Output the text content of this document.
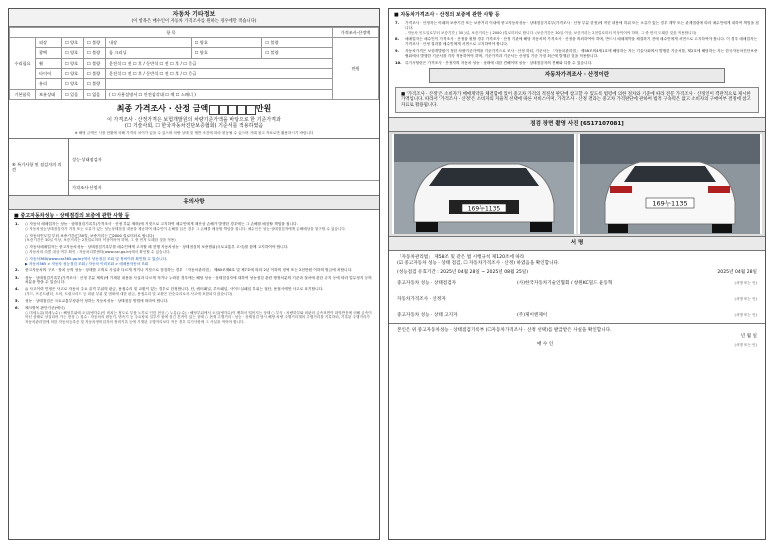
자동차 기타정보
(이 항목은 매수인이 자동차 가격조사를 원하는 경우에만 적습니다)
항 목							가격조사·산정액
수리필요	외장	☐ 양호	☐ 불량	내장	☐ 양호	☐ 불량	만원
	광택	☐ 양호	☐ 불량	룸 크리닝	☐ 양호	☐ 불량	
	휠	☐ 양호	☐ 불량	운전석 ☐ 전 ☐ 후 / 동반석 ☐ 전 ☐ 후 / ☐ 응급			
	타이어	☐ 양호	☐ 불량	운전석 ☐ 전 ☐ 후 / 동반석 ☐ 전 ☐ 후 / ☐ 응급			
	유리	☐ 양호	☐ 불량				
기본품목	보유상태	☐ 있음	☐ 없음	( ☐ 사용설명서 ☐ 안전삼각대 ☐ 잭 ☐ 스패너 )			
최종 가격조사 · 산정 금액	만원
이 가격조사 · 산정가격은 보험개발원의 차량기준가액을 바탕으로 한 기준가격과
(☐ 기술사회, ☐ 한국자동차진단보증협회) 기준서를 적용하였음
※ 해당 금액은 시장 현황에 의해 가격의 차이가 있을 수 있으며 차량 상태 및 제반 조건에 따라 변동될 수 있으며 거래 참고 자료로만 활용하시기 바랍니다
⑥ 특기사항 및 점검자의 의견
성능·상태점검자
가격조사·산정자
유의사항
■ 중고자동차성능 · 상태점검의 보증에 관한 사항 등
1.	○ 자동차 매매업자는 성능 · 상태점검기록부(가격조사 · 산정 부분 제외)에 거짓으로 고지하여 매수인에게 재산상 손해가 발생한 경우에는 그 손해를 배상할 책임을 집니다.
○ 자동차성능상태점검자가 거짓 또는 오류가 있는 성능상태점검 내용을 제공하여 매수인이 손해를 입은 경우 그 손해를 배상할 책임을 집니다. 매수인은 성능·상태점검자에게 손해배상을 청구할 수 있습니다.
○ 자동차인도일 부터 보증기간(□30일, 보증거리는 □2000 킬로미터로 합니다)
(보증기간은 30일 이상, 보증거리는 2천킬로미터 이상이어야 하며, 그 중 먼저 도래한 것을 적용)
○ 자동차매매업자는 중고자동차성능 · 상태점검기록부를 매수인에게 고지할 때 현행 자동차성능 · 상태점검의 보증범위(국토교통부 고시)를 함께 고지하여야 합니다.
○ 자동차의 리콜 대상 여부 확인 : 자동차리콜센터(www.car.go.kr)에서 확인할 수 있습니다.
○ 자동차365(www.car365.go.kr)에서 성능점검 조회 및 정비이력 확인할 수 있습니다.
▶ 자동차365 > 자동차 성능점검 조회 / 자동차 이력조회 > 매매용자동차 조회
2.	중고자동차의 구조 · 장치 등의 성능 · 상태를 고의로 사실과 다르게 적거나 거짓으로 점검하는 경우 「자동차관리법」 제80조제6호 및 제7호에 따라 2년 이하의 징역 또는 2천만원 이하의 벌금에 처합니다.
3.	성능 · 상태점검기록부(가격조사 · 산정 부분 제외)에 기재된 내용을 사실과 다르게 적거나 누락한 경우에는 해당 성능 · 상태점검자에 대하여 성능점검 관련 행정처분의 기준과 절차에 관한 규칙 등에 따라 업무정지 등의 처분을 받을 수 있습니다.
4.	◎ 사고이력 인정은 사고로 자동차 주요 골격 부위의 판금, 용접수리 및 교환이 있는 경우로 한정합니다. 단, 쿼터패널, 루프패널, 사이드실패널 부위는 절단, 용접시에만 사고로 표기합니다.
(후드, 프론트펜더, 도어, 트렁크리드 등 외판 부위 및 범퍼에 대한 판금, 용접수리 및 교환은 단순수리로서 사고에 포함되지 않습니다)
5.	성능 · 상태점검은 국토교통부장관이 정하는 자동차성능 · 상태점검 방법에 따라야 합니다.
6.	체크항목 판단기준(예시)
○ 미세누유(미세누수) : 해당부위에 오일(냉각수)이 비치는 정도로 부품 노후로 인한 현상 ○ 누유(누수) : 해당부위에서 오일(냉각수)이 맺혀서 떨어지는 상태 ○ 부식 : 차량하부와 외판의 금속표면이 화학반응에 의해 금속이 아닌 상태로 상실되어 가는 현상 ○ 침수 : 자동차의 원동기, 변속기 등 주요장치 일부가 물에 잠긴 흔적이 있는 상태 ○ 현재 주행거리 : 성능 · 상태점검 당시 해당 차량 주행거리계의 주행거리를 기록하되, 기록된 주행거리가 자동차관리법에 의한 자동차등록증 및 자동차정비업자의 정비기록 등에 기재된 주행거리보다 적은 경우 특기사항에 그 사실을 적어야 합니다.
■ 자동차가격조사 · 산정의 보증에 관한 사항 등
7.	가격조사 · 산정자는 아래의 보증기간 또는 보증거리 이내에 중고자동차성능 · 상태점검기록부(가격조사 · 산정 부분 한정)에 적힌 내용에 허위 또는 오류가 있는 경우 계약 또는 관계법령에 따라 매수인에게 대하여 책임을 집니다.
- 자동차 인도일로부터 보증기간 ( 30 )일, 보증거리는 ( 2000 )킬로미터로 합니다. (보증기간은 30일 이상, 보증거리는 2천킬로미터 이상이어야 하며, 그 중 먼저 도래한 것을 적용합니다)
8.	매매업자는 매수인이 가격조사 · 산정을 원할 경우 가격조사 · 산정 기관에 해당 자동차의 가격조사 · 산정을 의뢰하여야 하며, 반드시 매매계약을 체결하기 전에 매수인에게 서면으로 고지하여야 합니다. 이 경우 매매업자는 가격조사 · 산정 결과를 매수인에게 서면으로 고지하여야 합니다.
9.	자동차가격은 보험개발원이 정한 차량기준가액을 기준가격으로 조사 · 산정 하되, 기준서는 「자동차관리법」 제58조의4제1호에 해당하는 자는 기술사회에서 발행한 기준서를, 제2호에 해당하는 자는 한국자동차진단보증협회에서 발행한 기준서를 각각 적용하여야 하며, 기준가격과 기준서는 산정일 기준 가장 최근에 발행된 것을 적용합니다.
10. 특기사항란은 가격조사 · 산정자의 자동차 성능 · 상태에 대한 견해이며 성능 · 상태점검자의 견해와 다를 수 있습니다.
자동차가격조사 · 산정이란
■ '가격조사 · 산정'은 소비자가 매매계약을 체결함에 있어 중고차 가격의 적절성 판단에 참고할 수 있도록 법령에 의한 절차와 기준에 따라 전문 가격조사 · 산정인이 객관적으로 제시한 가액입니다. 따라서 '가격조사 · 산정'은 소비자의 자율적 선택에 따른 서비스이며, 가격조사 · 산정 결과는 중고차 가격판단에 관하여 법적 구속력은 없고 소비자의 구매여부 결정에 참고자료로 활용됩니다.
점검 장면 촬영 사진 [6517107081]
169누1135
169누1135
서 명
「자동차관리법」 제58조 및 같은 법 시행규칙 제120조에 따라
(☑ 중고자동차 성능 · 상태 점검, ☐ 자동차가격조사 · 산정) 하였음을 확인합니다.
(성능점검 유효기간 : 2025년 04월 28일 ~ 2025년 08월 25일)	2025년 04월 28일
중고자동차 성능 · 상태점검자	(사)한국자동차기술인협회 / 창원KC밀드 윤동혁	(서명 또는 인)
자동차가격조사 · 산정자	(서명 또는 인)
중고자동차 성능 · 상태 고지자	(주)제이엔제이	(서명 또는 인)
본인은 위 중고자동차성능 · 상태점검기록부 (☐자동차가격조사 · 산정 선택)를 발급받은 사실을 확인합니다.
년 월 일
매 수 인	(서명 또는 인)
